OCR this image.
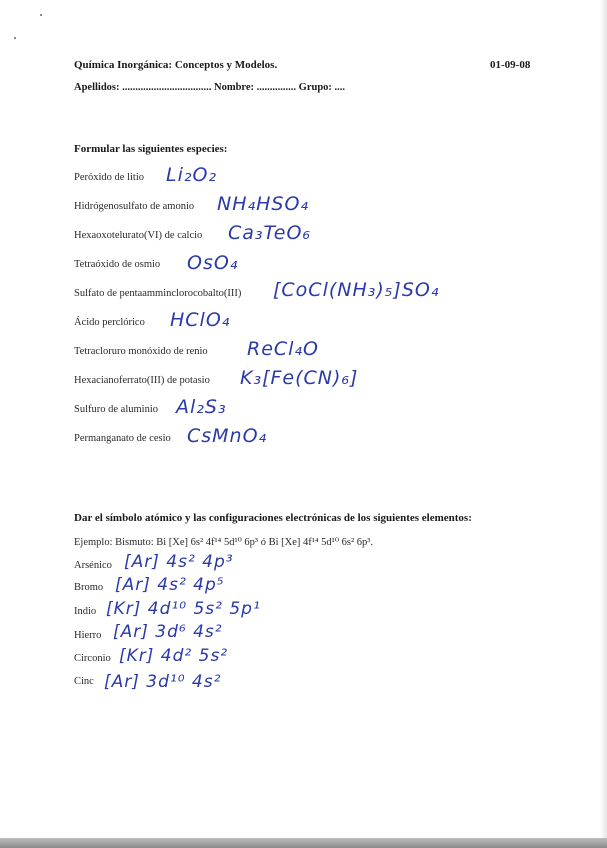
Química Inorgánica: Conceptos y Modelos.	01-09-08
Apellidos: .................................. Nombre: ............... Grupo: ....
Formular las siguientes especies:
Peróxido de litio Li₂O₂
Hidrógenosulfato de amonio NH₄HSO₄
Hexaoxotelurato(VI) de calcio Ca₃TeO₆
Tetraóxido de osmio OsO₄
Sulfato de pentaamminclorocobalto(III) [CoCl(NH₃)₅]SO₄
Ácido perclórico HClO₄
Tetracloruro monóxido de renio ReCl₄O
Hexacianoferrato(III) de potasio K₃[Fe(CN)₆]
Sulfuro de aluminio Al₂S₃
Permanganato de cesio CsMnO₄
Dar el símbolo atómico y las configuraciones electrónicas de los siguientes elementos:
Ejemplo: Bismuto: Bi [Xe] 6s² 4f¹⁴ 5d¹⁰ 6p³ ó Bi [Xe] 4f¹⁴ 5d¹⁰ 6s² 6p³.
Arsénico [Ar] 4s² 4p³
Bromo [Ar] 4s² 4p⁵
Indio [Kr] 4d¹⁰ 5s² 5p¹
Hierro [Ar] 3d⁶ 4s²
Circonio [Kr] 4d² 5s²
Cinc [Ar] 3d¹⁰ 4s²
